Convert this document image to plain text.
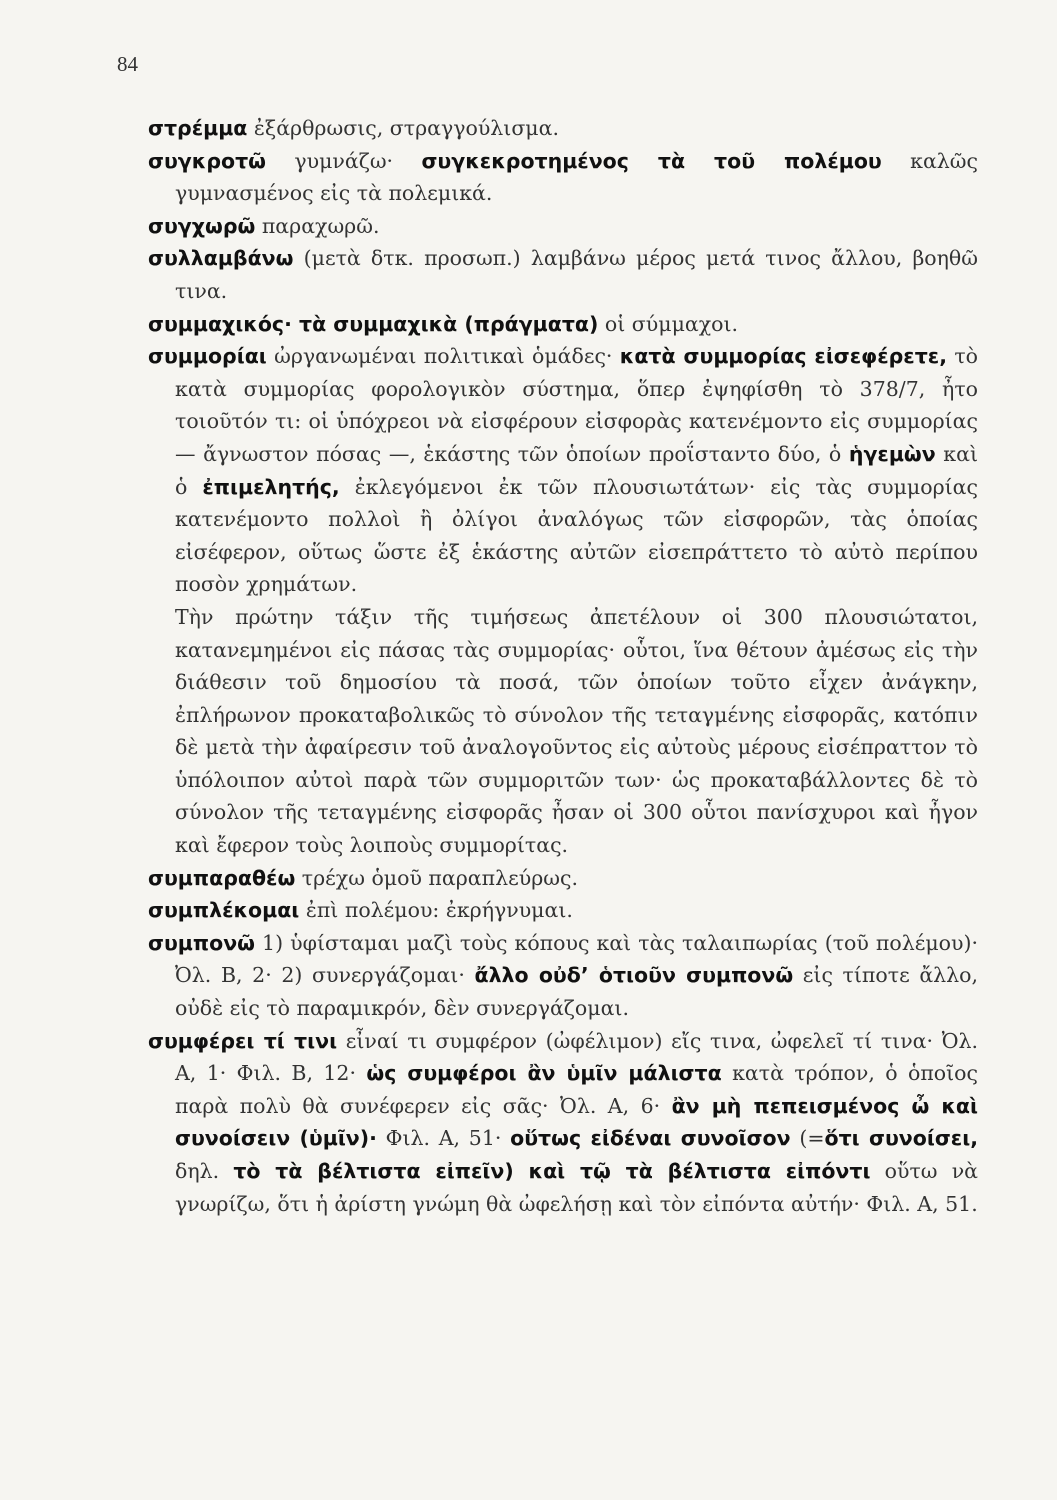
84
στρέμμα ἐξάρθρωσις, στραγγούλισμα.
συγκροτῶ γυμνάζω· συγκεκροτημένος τὰ τοῦ πολέμου καλῶς γυμνασμένος εἰς τὰ πολεμικά.
συγχωρῶ παραχωρῶ.
συλλαμβάνω (μετὰ δτκ. προσωπ.) λαμβάνω μέρος μετά τινος ἄλλου, βοηθῶ τινα.
συμμαχικός· τὰ συμμαχικὰ (πράγματα) οἱ σύμμαχοι.
συμμορίαι ὠργανωμέναι πολιτικαὶ ὁμάδες· κατὰ συμμορίας εἰσεφέρετε, τὸ κατὰ συμμορίας φορολογικὸν σύστημα, ὅπερ ἐψηφίσθη τὸ 378/7, ἦτο τοιοῦτόν τι: οἱ ὑπόχρεοι νὰ εἰσφέρουν εἰσφορὰς κατενέμοντο εἰς συμμορίας — ἄγνωστον πόσας —, ἑκάστης τῶν ὁποίων προΐσταντο δύο, ὁ ἡγεμὼν καὶ ὁ ἐπιμελητής, ἐκλεγόμενοι ἐκ τῶν πλουσιωτάτων· εἰς τὰς συμμορίας κατενέμοντο πολλοὶ ἢ ὀλίγοι ἀναλόγως τῶν εἰσφορῶν, τὰς ὁποίας εἰσέφερον, οὕτως ὥστε ἐξ ἑκάστης αὐτῶν εἰσεπράττετο τὸ αὐτὸ περίπου ποσὸν χρημάτων.
Τὴν πρώτην τάξιν τῆς τιμήσεως ἀπετέλουν οἱ 300 πλουσιώτατοι, κατανεμημένοι εἰς πάσας τὰς συμμορίας· οὗτοι, ἵνα θέτουν ἀμέσως εἰς τὴν διάθεσιν τοῦ δημοσίου τὰ ποσά, τῶν ὁποίων τοῦτο εἶχεν ἀνάγκην, ἐπλήρωνον προκαταβολικῶς τὸ σύνολον τῆς τεταγμένης εἰσφορᾶς, κατόπιν δὲ μετὰ τὴν ἀφαίρεσιν τοῦ ἀναλογοῦντος εἰς αὐτοὺς μέρους εἰσέπραττον τὸ ὑπόλοιπον αὐτοὶ παρὰ τῶν συμμοριτῶν των· ὡς προκαταβάλλοντες δὲ τὸ σύνολον τῆς τεταγμένης εἰσφορᾶς ἦσαν οἱ 300 οὗτοι πανίσχυροι καὶ ἦγον καὶ ἔφερον τοὺς λοιποὺς συμμορίτας.
συμπαραθέω τρέχω ὁμοῦ παραπλεύρως.
συμπλέκομαι ἐπὶ πολέμου: ἐκρήγνυμαι.
συμπονῶ 1) ὑφίσταμαι μαζὶ τοὺς κόπους καὶ τὰς ταλαιπωρίας (τοῦ πολέμου)· Ὀλ. Β, 2· 2) συνεργάζομαι· ἄλλο οὐδ’ ὁτιοῦν συμπονῶ εἰς τίποτε ἄλλο, οὐδὲ εἰς τὸ παραμικρόν, δὲν συνεργάζομαι.
συμφέρει τί τινι εἶναί τι συμφέρον (ὠφέλιμον) εἴς τινα, ὠφελεῖ τί τινα· Ὀλ. Α, 1· Φιλ. Β, 12· ὡς συμφέροι ἂν ὑμῖν μάλιστα κατὰ τρόπον, ὁ ὁποῖος παρὰ πολὺ θὰ συνέφερεν εἰς σᾶς· Ὀλ. Α, 6· ἂν μὴ πεπεισμένος ὦ καὶ συνοίσειν (ὑμῖν)· Φιλ. Α, 51· οὕτως εἰδέναι συνοῖσον (=ὅτι συνοίσει, δηλ. τὸ τὰ βέλτιστα εἰπεῖν) καὶ τῷ τὰ βέλτιστα εἰπόντι οὕτω νὰ γνωρίζω, ὅτι ἡ ἀρίστη γνώμη θὰ ὠφελήσῃ καὶ τὸν εἰπόντα αὐτήν· Φιλ. Α, 51.
